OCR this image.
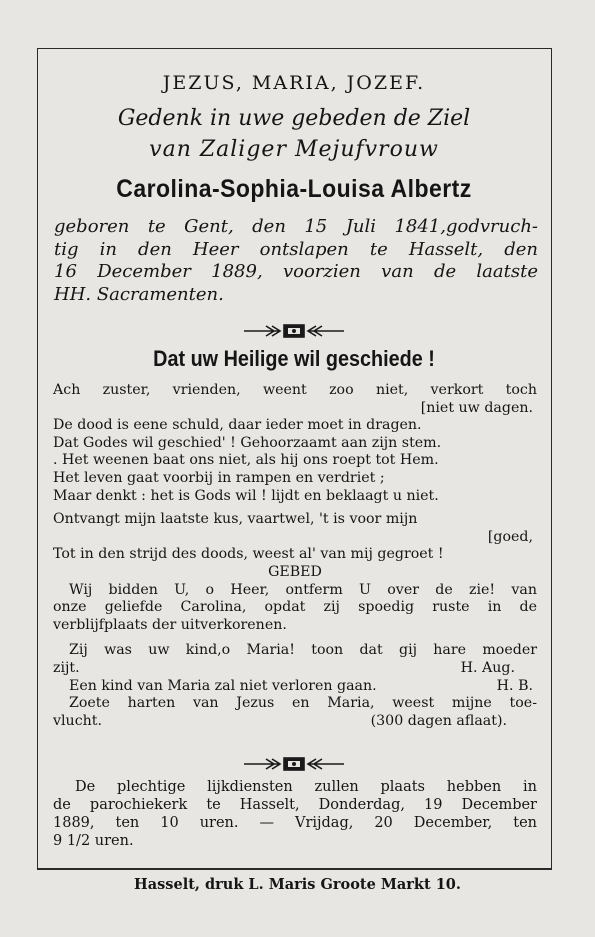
JEZUS, MARIA, JOZEF.
Gedenk in uwe gebeden de Ziel
van Zaliger Mejufvrouw
Carolina-Sophia-Louisa Albertz
geboren te Gent, den 15 Juli 1841,godvruch-
tig in den Heer ontslapen te Hasselt, den
16 December 1889, voorzien van de laatste
HH. Sacramenten.
Dat uw Heilige wil geschiede !
Ach zuster, vrienden, weent zoo niet, verkort toch
[niet uw dagen.
De dood is eene schuld, daar ieder moet in dragen.
Dat Godes wil geschied' ! Gehoorzaamt aan zijn stem.
. Het weenen baat ons niet, als hij ons roept tot Hem.
Het leven gaat voorbij in rampen en verdriet ;
Maar denkt : het is Gods wil ! lijdt en beklaagt u niet.
Ontvangt mijn laatste kus, vaartwel, 't is voor mijn
[goed,
Tot in den strijd des doods, weest al' van mij gegroet !
GEBED
Wij bidden U, o Heer, ontferm U over de zie! van
onze geliefde Carolina, opdat zij spoedig ruste in de
verblijfplaats der uitverkorenen.
Zij was uw kind,o Maria! toon dat gij hare moeder
zijt.	H. Aug.
Een kind van Maria zal niet verloren gaan.	H. B.
Zoete harten van Jezus en Maria, weest mijne toe-
vlucht.	(300 dagen aflaat).
De plechtige lijkdiensten zullen plaats hebben in
de parochiekerk te Hasselt, Donderdag, 19 December
1889, ten 10 uren. — Vrijdag, 20 December, ten
9 1/2 uren.
Hasselt, druk L. Maris Groote Markt 10.
